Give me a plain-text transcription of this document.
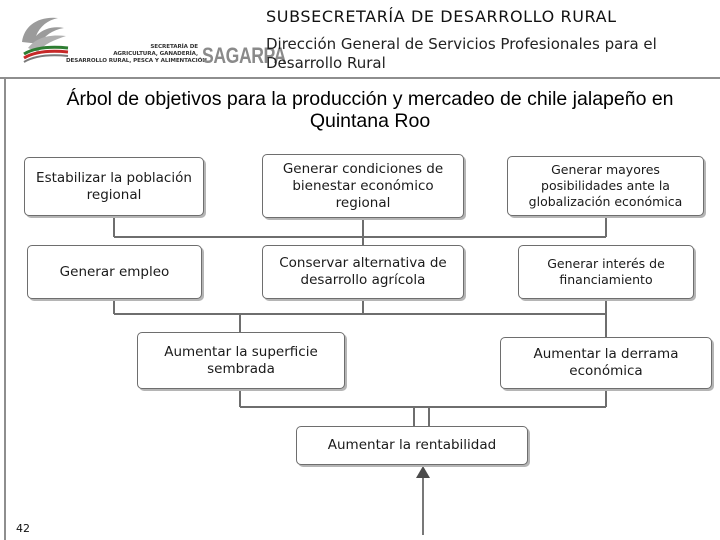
SECRETARÍA DE
AGRICULTURA, GANADERÍA,
DESARROLLO RURAL, PESCA Y ALIMENTACIÓN
SAGARPA
SUBSECRETARÍA DE DESARROLLO RURAL
Dirección General de Servicios Profesionales para el Desarrollo Rural
Árbol de objetivos para la producción y mercadeo de chile jalapeño en Quintana Roo
Estabilizar la población regional
Generar condiciones de bienestar económico regional
Generar mayores posibilidades ante la globalización económica
Generar empleo
Conservar alternativa de desarrollo agrícola
Generar interés de financiamiento
Aumentar la superficie sembrada
Aumentar la derrama económica
Aumentar la rentabilidad
42
